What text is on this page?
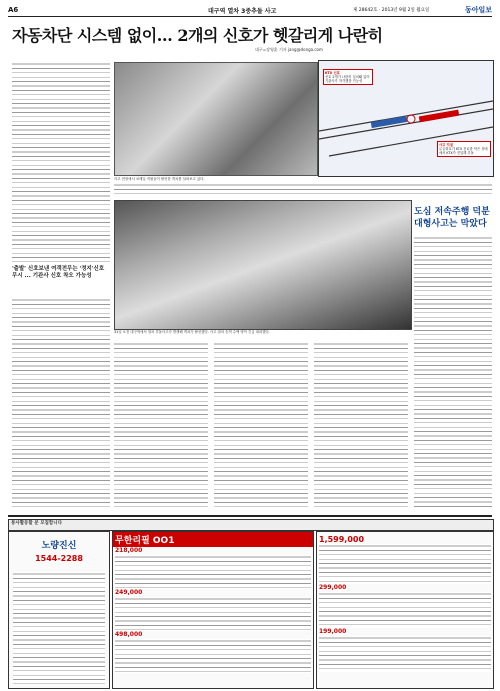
A6	대구역 열차 3중추돌 사고	제 28642호 · 2013년 9월 2일 월요일	동아일보
자동차단 시스템 없이… 2개의 신호가 헷갈리게 나란히
대구=장영훈 기자 jang@donga.com
'출발' 신호보낸 여객전무는 '정지'신호 무시 ... 기관사 신호 착오 가능성
KTX 신호
신호 2개가 나란히 설치돼 있어 기관사가 착각했을 가능성
사고 지점
무궁화호가 KTX 진로를 막은 상태에서 KTX가 진입해 추돌
사고 현장에서 코레일 직원들이 탈선한 객차를 살펴보고 있다.
31일 오전 대구역에서 열차 추돌사고가 발생해 객차가 탈선했다. 사고 열차 승객 수백 명이 긴급 대피했다.
도심 저속주행 덕분 대형사고는 막았다
봉사활동할 분 모집합니다
노량진신
1544-2288
무한리필 OO1
218,000
249,000
498,000
1,599,000
299,000
199,000
